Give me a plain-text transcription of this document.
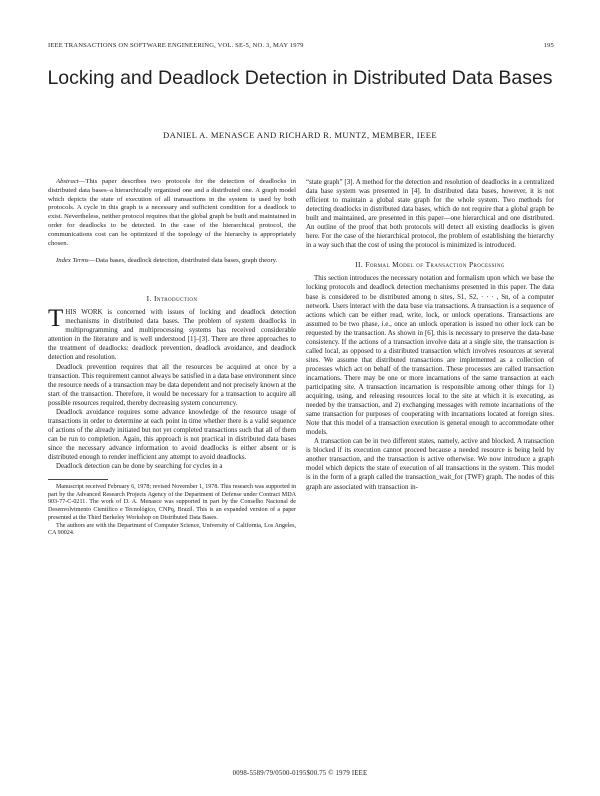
IEEE TRANSACTIONS ON SOFTWARE ENGINEERING, VOL. SE-5, NO. 3, MAY 1979	195
Locking and Deadlock Detection in Distributed Data Bases
DANIEL A. MENASCE AND RICHARD R. MUNTZ, MEMBER, IEEE

Abstract—This paper describes two protocols for the detection of deadlocks in distributed data bases–a hierarchically organized one and a distributed one. A graph model which depicts the state of execution of all transactions in the system is used by both protocols. A cycle in this graph is a necessary and sufficient condition for a deadlock to exist. Nevertheless, neither protocol requires that the global graph be built and maintained in order for deadlocks to be detected. In the case of the hierarchical protocol, the communications cost can be optimized if the topology of the hierarchy is appropriately chosen.

Index Terms—Data bases, deadlock detection, distributed data bases, graph theory.

I. Introduction

THIS WORK is concerned with issues of locking and deadlock detection mechanisms in distributed data bases. The problem of system deadlocks in multiprogramming and multiprocessing systems has received considerable attention in the literature and is well understood [1]–[3]. There are three approaches to the treatment of deadlocks: deadlock prevention, deadlock avoidance, and deadlock detection and resolution.

Deadlock prevention requires that all the resources be acquired at once by a transaction. This requirement cannot always be satisfied in a data base environment since the resource needs of a transaction may be data dependent and not precisely known at the start of the transaction. Therefore, it would be necessary for a transaction to acquire all possible resources required, thereby decreasing system concurrency.

Deadlock avoidance requires some advance knowledge of the resource usage of transactions in order to determine at each point in time whether there is a valid sequence of actions of the already initiated but not yet completed transactions such that all of them can be run to completion. Again, this approach is not practical in distributed data bases since the necessary advance information to avoid deadlocks is either absent or is distributed enough to render inefficient any attempt to avoid deadlocks.

Deadlock detection can be done by searching for cycles in a

Manuscript received February 6, 1978; revised November 1, 1978. This research was supported in part by the Advanced Research Projects Agency of the Department of Defense under Contract MDA 903-77-C-0211. The work of D. A. Menasce was supported in part by the Conselho Nacional de Desenvolvimento Científico e Tecnológico, CNPq, Brazil. This is an expanded version of a paper presented at the Third Berkeley Workshop on Distributed Data Bases.

The authors are with the Department of Computer Science, University of California, Los Angeles, CA 90024.

“state graph” [3]. A method for the detection and resolution of deadlocks in a centralized data base system was presented in [4]. In distributed data bases, however, it is not efficient to maintain a global state graph for the whole system. Two methods for detecting deadlocks in distributed data bases, which do not require that a global graph be built and maintained, are presented in this paper—one hierarchical and one distributed. An outline of the proof that both protocols will detect all existing deadlocks is given here. For the case of the hierarchical protocol, the problem of establishing the hierarchy in a way such that the cost of using the protocol is minimized is introduced.

II. Formal Model of Transaction Processing

This section introduces the necessary notation and formalism upon which we base the locking protocols and deadlock detection mechanisms presented in this paper. The data base is considered to be distributed among n sites, S1, S2, · · · , Sn, of a computer network. Users interact with the data base via transactions. A transaction is a sequence of actions which can be either read, write, lock, or unlock operations. Transactions are assumed to be two phase, i.e., once an unlock operation is issued no other lock can be requested by the transaction. As shown in [6], this is necessary to preserve the data-base consistency. If the actions of a transaction involve data at a single site, the transaction is called local, as opposed to a distributed transaction which involves resources at several sites. We assume that distributed transactions are implemented as a collection of processes which act on behalf of the transaction. These processes are called transaction incarnations. There may be one or more incarnations of the same transaction at each participating site. A transaction incarnation is responsible among other things for 1) acquiring, using, and releasing resources local to the site at which it is executing, as needed by the transaction, and 2) exchanging messages with remote incarnations of the same transaction for purposes of cooperating with incarnations located at foreign sites. Note that this model of a transaction execution is general enough to accommodate other models.

A transaction can be in two different states, namely, active and blocked. A transaction is blocked if its execution cannot proceed because a needed resource is being held by another transaction, and the transaction is active otherwise. We now introduce a graph model which depicts the state of execution of all transactions in the system. This model is in the form of a graph called the transaction_wait_for (TWF) graph. The nodes of this graph are associated with transaction in-

0098-5589/79/0500-0195$00.75 © 1979 IEEE
